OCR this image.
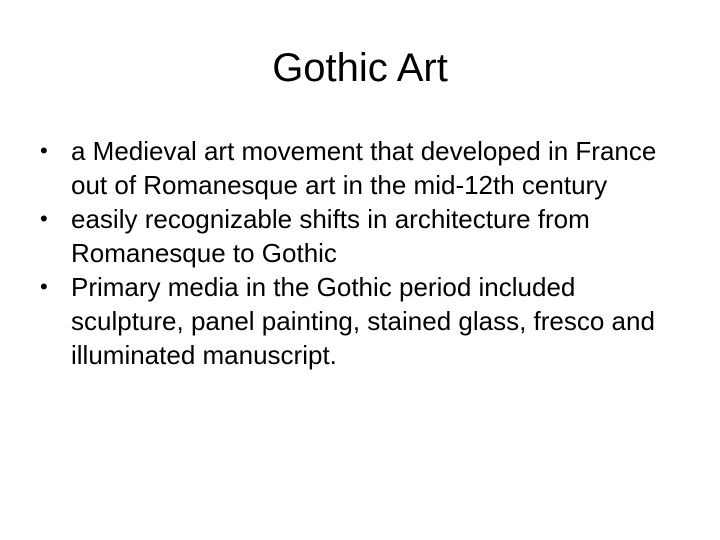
Gothic Art
• a Medieval art movement that developed in France out of Romanesque art in the mid-12th century
• easily recognizable shifts in architecture from Romanesque to Gothic
• Primary media in the Gothic period included sculpture, panel painting, stained glass, fresco and illuminated manuscript.
